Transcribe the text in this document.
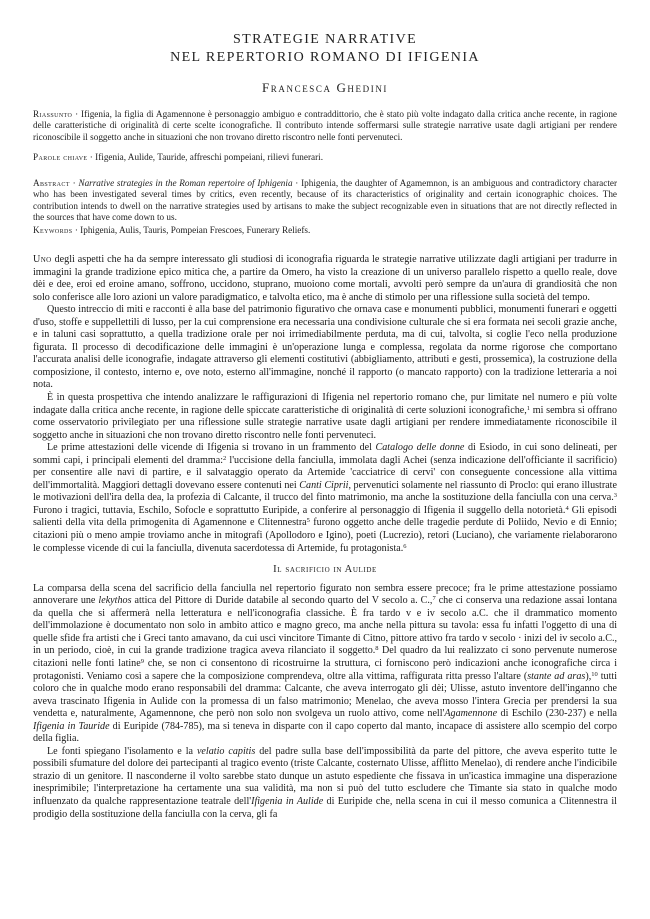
STRATEGIE NARRATIVE
NEL REPERTORIO ROMANO DI IFIGENIA
Francesca Ghedini
Riassunto · Ifigenia, la figlia di Agamennone è personaggio ambiguo e contraddittorio, che è stato più volte indagato dalla critica anche recente, in ragione delle caratteristiche di originalità di certe scelte iconografiche. Il contributo intende soffermarsi sulle strategie narrative usate dagli artigiani per rendere riconoscibile il soggetto anche in situazioni che non trovano diretto riscontro nelle fonti pervenuteci.
Parole chiave · Ifigenia, Aulide, Tauride, affreschi pompeiani, rilievi funerari.
Abstract · Narrative strategies in the Roman repertoire of Iphigenia · Iphigenia, the daughter of Agamemnon, is an ambiguous and contradictory character who has been investigated several times by critics, even recently, because of its characteristics of originality and certain iconographic choices. The contribution intends to dwell on the narrative strategies used by artisans to make the subject recognizable even in situations that are not directly reflected in the sources that have come down to us.
Keywords · Iphigenia, Aulis, Tauris, Pompeian Frescoes, Funerary Reliefs.

Uno degli aspetti che ha da sempre interessato gli studiosi di iconografia riguarda le strategie narrative utilizzate dagli artigiani per tradurre in immagini la grande tradizione epico mitica che, a partire da Omero, ha visto la creazione di un universo parallelo rispetto a quello reale, dove dèi e dee, eroi ed eroine amano, soffrono, uccidono, stuprano, muoiono come mortali, avvolti però sempre da un'aura di grandiosità che non solo conferisce alle loro azioni un valore paradigmatico, e talvolta etico, ma è anche di stimolo per una riflessione sulla società del tempo.

Questo intreccio di miti e racconti è alla base del patrimonio figurativo che ornava case e monumenti pubblici, monumenti funerari e oggetti d'uso, stoffe e suppellettili di lusso, per la cui comprensione era necessaria una condivisione culturale che si era formata nei secoli grazie anche, e in taluni casi soprattutto, a quella tradizione orale per noi irrimediabilmente perduta, ma di cui, talvolta, si coglie l'eco nella produzione figurata. Il processo di decodificazione delle immagini è un'operazione lunga e complessa, regolata da norme rigorose che comportano l'accurata analisi delle iconografie, indagate attraverso gli elementi costitutivi (abbigliamento, attributi e gesti, prossemica), la costruzione della composizione, il contesto, interno e, ove noto, esterno all'immagine, nonché il rapporto (o mancato rapporto) con la tradizione letteraria a noi nota.

È in questa prospettiva che intendo analizzare le raffigurazioni di Ifigenia nel repertorio romano che, pur limitate nel numero e più volte indagate dalla critica anche recente, in ragione delle spiccate caratteristiche di originalità di certe soluzioni iconografiche,$^1$ mi sembra si offrano come osservatorio privilegiato per una riflessione sulle strategie narrative usate dagli artigiani per rendere immediatamente riconoscibile il soggetto anche in situazioni che non trovano diretto riscontro nelle fonti pervenuteci.

Le prime attestazioni delle vicende di Ifigenia si trovano in un frammento del Catalogo delle donne di Esiodo, in cui sono delineati, per sommi capi, i principali elementi del dramma:$^2$ l'uccisione della fanciulla, immolata dagli Achei (senza indicazione dell'officiante il sacrificio) per consentire alle navi di partire, e il salvataggio operato da Artemide 'cacciatrice di cervi' con conseguente concessione alla vittima dell'immortalità. Maggiori dettagli dovevano essere contenuti nei Canti Ciprii, pervenutici solamente nel riassunto di Proclo: qui erano illustrate le motivazioni dell'ira della dea, la profezia di Calcante, il trucco del finto matrimonio, ma anche la sostituzione della fanciulla con una cerva.$^3$ Furono i tragici, tuttavia, Eschilo, Sofocle e soprattutto Euripide, a conferire al personaggio di Ifigenia il suggello della notorietà.$^4$ Gli episodi salienti della vita della primogenita di Agamennone e Clitennestra$^5$ furono oggetto anche delle tragedie perdute di Poliido, Nevio e di Ennio; citazioni più o meno ampie troviamo anche in mitografi (Apollodoro e Igino), poeti (Lucrezio), retori (Luciano), che variamente rielaborarono le complesse vicende di cui la fanciulla, divenuta sacerdotessa di Artemide, fu protagonista.$^6$

Il sacrificio in Aulide

La comparsa della scena del sacrificio della fanciulla nel repertorio figurato non sembra essere precoce; fra le prime attestazione possiamo annoverare une lekythos attica del Pittore di Duride databile al secondo quarto del V secolo a. C.,$^7$ che ci conserva una redazione assai lontana da quella che si affermerà nella letteratura e nell'iconografia classiche. È fra tardo v e iv secolo a.C. che il drammatico momento dell'immolazione è documentato non solo in ambito attico e magno greco, ma anche nella pittura su tavola: essa fu infatti l'oggetto di una di quelle sfide fra artisti che i Greci tanto amavano, da cui uscì vincitore Timante di Citno, pittore attivo fra tardo v secolo · inizi del iv secolo a.C., in un periodo, cioè, in cui la grande tradizione tragica aveva rilanciato il soggetto.$^8$ Del quadro da lui realizzato ci sono pervenute numerose citazioni nelle fonti latine$^9$ che, se non ci consentono di ricostruirne la struttura, ci forniscono però indicazioni anche iconografiche circa i protagonisti. Veniamo così a sapere che la composizione comprendeva, oltre alla vittima, raffigurata ritta presso l'altare (stante ad aras),$^{10}$ tutti coloro che in qualche modo erano responsabili del dramma: Calcante, che aveva interrogato gli dèi; Ulisse, astuto inventore dell'inganno che aveva trascinato Ifigenia in Aulide con la promessa di un falso matrimonio; Menelao, che aveva mosso l'intera Grecia per prendersi la sua vendetta e, naturalmente, Agamennone, che però non solo non svolgeva un ruolo attivo, come nell'Agamennone di Eschilo (230-237) e nella Ifigenia in Tauride di Euripide (784-785), ma si teneva in disparte con il capo coperto dal manto, incapace di assistere allo scempio del corpo della figlia.

Le fonti spiegano l'isolamento e la velatio capitis del padre sulla base dell'impossibilità da parte del pittore, che aveva esperito tutte le possibili sfumature del dolore dei partecipanti al tragico evento (triste Calcante, costernato Ulisse, afflitto Menelao), di rendere anche l'indicibile strazio di un genitore. Il nasconderne il volto sarebbe stato dunque un astuto espediente che fissava in un'icastica immagine una disperazione inesprimibile; l'interpretazione ha certamente una sua validità, ma non si può del tutto escludere che Timante sia stato in qualche modo influenzato da qualche rappresentazione teatrale dell'Ifigenia in Aulide di Euripide che, nella scena in cui il messo comunica a Clitennestra il prodigio della sostituzione della fanciulla con la cerva, gli fa
